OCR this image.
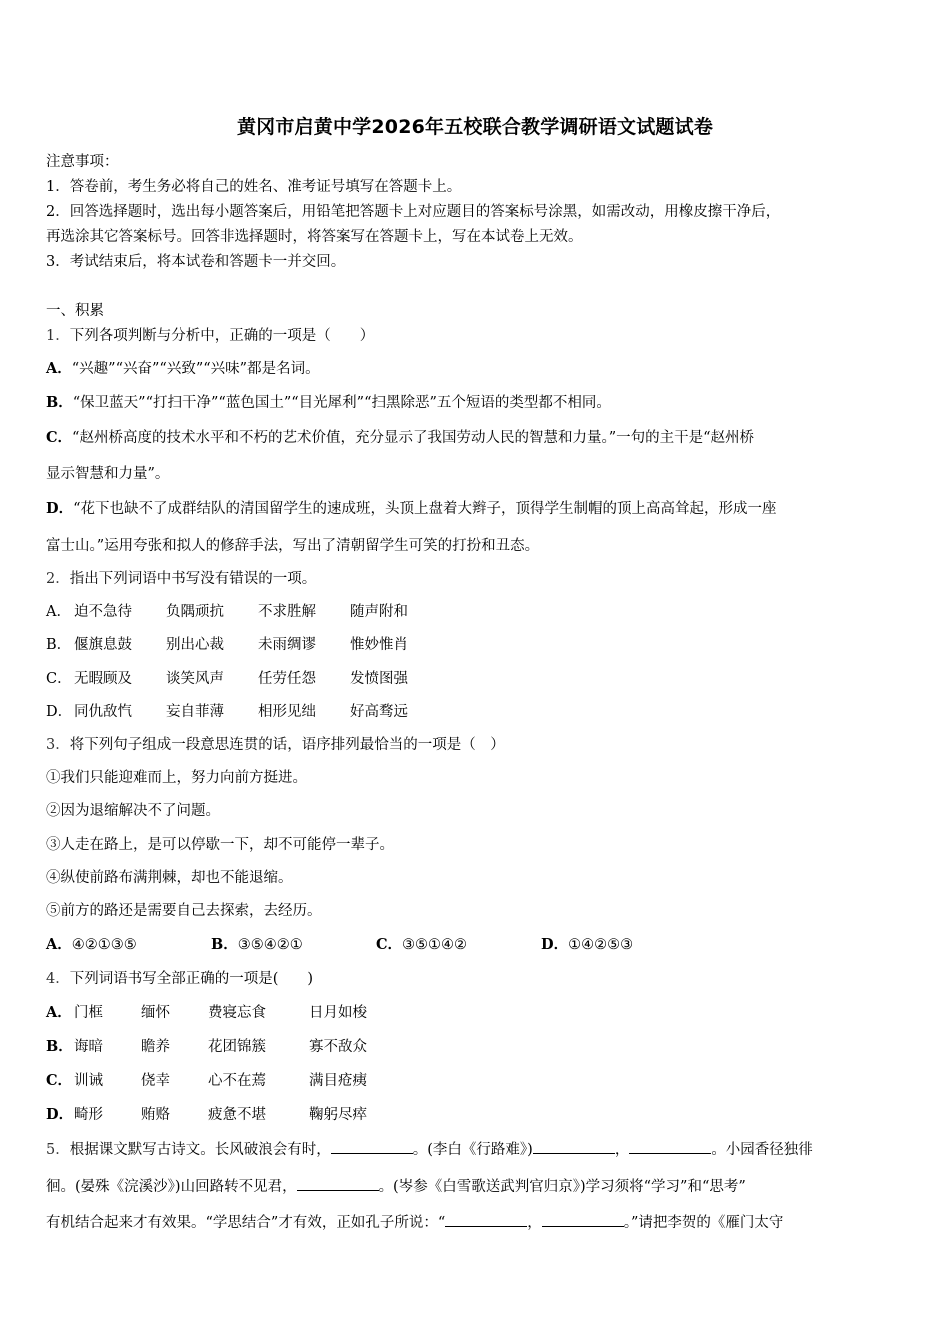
黄冈市启黄中学2026年五校联合教学调研语文试题试卷
注意事项：
1．答卷前，考生务必将自己的姓名、准考证号填写在答题卡上。
2．回答选择题时，选出每小题答案后，用铅笔把答题卡上对应题目的答案标号涂黑，如需改动，用橡皮擦干净后，
再选涂其它答案标号。回答非选择题时，将答案写在答题卡上，写在本试卷上无效。
3．考试结束后，将本试卷和答题卡一并交回。
一、积累
1．下列各项判断与分析中，正确的一项是（　　）
A．“兴趣”“兴奋”“兴致”“兴味”都是名词。
B．“保卫蓝天”“打扫干净”“蓝色国土”“目光犀利”“扫黑除恶”五个短语的类型都不相同。
C．“赵州桥高度的技术水平和不朽的艺术价值，充分显示了我国劳动人民的智慧和力量。”一句的主干是“赵州桥
显示智慧和力量”。
D．“花下也缺不了成群结队的清国留学生的速成班，头顶上盘着大辫子，顶得学生制帽的顶上高高耸起，形成一座
富士山。”运用夸张和拟人的修辞手法，写出了清朝留学生可笑的打扮和丑态。
2．指出下列词语中书写没有错误的一项。
A． 迫不急待 负隅顽抗 不求胜解 随声附和
B． 偃旗息鼓 别出心裁 未雨绸谬 惟妙惟肖
C． 无暇顾及 谈笑风声 任劳任怨 发愤图强
D． 同仇敌忾 妄自菲薄 相形见绌 好高骛远
3．将下列句子组成一段意思连贯的话，语序排列最恰当的一项是（　）
①我们只能迎难而上，努力向前方挺进。
②因为退缩解决不了问题。
③人走在路上，是可以停歇一下，却不可能停一辈子。
④纵使前路布满荆棘，却也不能退缩。
⑤前方的路还是需要自己去探索，去经历。
A．④②①③⑤	B．③⑤④②①	C．③⑤①④②	D．①④②⑤③
4．下列词语书写全部正确的一项是(　　)
A． 门框	缅怀	费寝忘食	日月如梭
B．诲暗	瞻养	花团锦簇	寡不敌众
C． 训诫	侥幸	心不在蔫	满目疮痍
D．畸形	贿赂	疲惫不堪	鞠躬尽瘁
5．根据课文默写古诗文。长风破浪会有时，	。(李白《行路难》)	，	。小园香径独徘
徊。(晏殊《浣溪沙》)山回路转不见君，	。(岑参《白雪歌送武判官归京》)学习须将“学习”和“思考”
有机结合起来才有效果。“学思结合”才有效，正如孔子所说：“	，	。”请把李贺的《雁门太守
